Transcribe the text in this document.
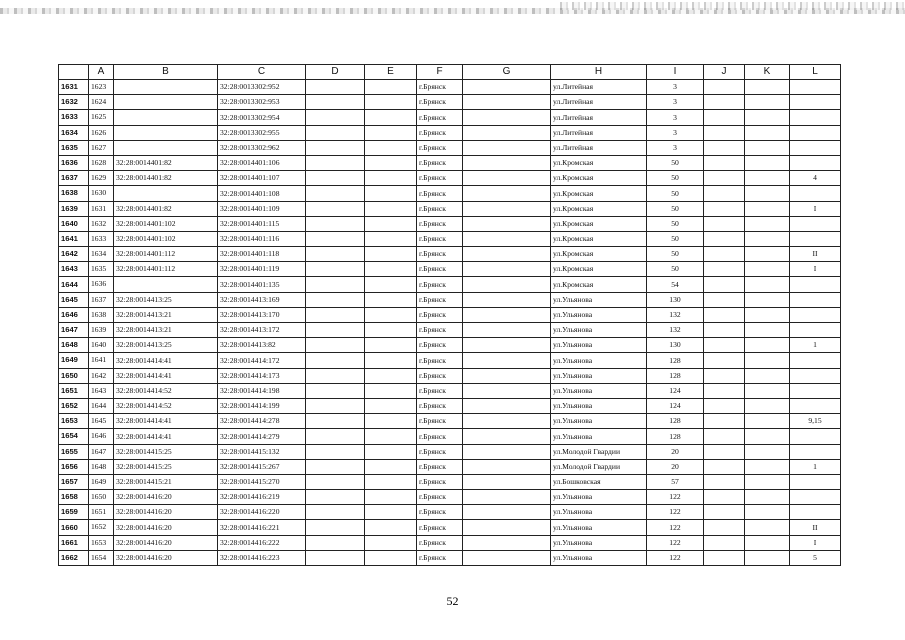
	A	B	C	D	E	F	G	H	I	J	K	L
1631	1623		32:28:0013302:952			г.Брянск		ул.Литейная	3			
1632	1624		32:28:0013302:953			г.Брянск		ул.Литейная	3			
1633	1625		32:28:0013302:954			г.Брянск		ул.Литейная	3			
1634	1626		32:28:0013302:955			г.Брянск		ул.Литейная	3			
1635	1627		32:28:0013302:962			г.Брянск		ул.Литейная	3			
1636	1628	32:28:0014401:82	32:28:0014401:106			г.Брянск		ул.Кромская	50			
1637	1629	32:28:0014401:82	32:28:0014401:107			г.Брянск		ул.Кромская	50			4
1638	1630		32:28:0014401:108			г.Брянск		ул.Кромская	50			
1639	1631	32:28:0014401:82	32:28:0014401:109			г.Брянск		ул.Кромская	50			I
1640	1632	32:28:0014401:102	32:28:0014401:115			г.Брянск		ул.Кромская	50			
1641	1633	32:28:0014401:102	32:28:0014401:116			г.Брянск		ул.Кромская	50			
1642	1634	32:28:0014401:112	32:28:0014401:118			г.Брянск		ул.Кромская	50			II
1643	1635	32:28:0014401:112	32:28:0014401:119			г.Брянск		ул.Кромская	50			I
1644	1636		32:28:0014401:135			г.Брянск		ул.Кромская	54			
1645	1637	32:28:0014413:25	32:28:0014413:169			г.Брянск		ул.Ульянова	130			
1646	1638	32:28:0014413:21	32:28:0014413:170			г.Брянск		ул.Ульянова	132			
1647	1639	32:28:0014413:21	32:28:0014413:172			г.Брянск		ул.Ульянова	132			
1648	1640	32:28:0014413:25	32:28:0014413:82			г.Брянск		ул.Ульянова	130			1
1649	1641	32:28:0014414:41	32:28:0014414:172			г.Брянск		ул.Ульянова	128			
1650	1642	32:28:0014414:41	32:28:0014414:173			г.Брянск		ул.Ульянова	128			
1651	1643	32:28:0014414:52	32:28:0014414:198			г.Брянск		ул.Ульянова	124			
1652	1644	32:28:0014414:52	32:28:0014414:199			г.Брянск		ул.Ульянова	124			
1653	1645	32:28:0014414:41	32:28:0014414:278			г.Брянск		ул.Ульянова	128			9,15
1654	1646	32:28:0014414:41	32:28:0014414:279			г.Брянск		ул.Ульянова	128			
1655	1647	32:28:0014415:25	32:28:0014415:132			г.Брянск		ул.Молодой Гвардии	20			
1656	1648	32:28:0014415:25	32:28:0014415:267			г.Брянск		ул.Молодой Гвардии	20			1
1657	1649	32:28:0014415:21	32:28:0014415:270			г.Брянск		ул.Бошковская	57			
1658	1650	32:28:0014416:20	32:28:0014416:219			г.Брянск		ул.Ульянова	122			
1659	1651	32:28:0014416:20	32:28:0014416:220			г.Брянск		ул.Ульянова	122			
1660	1652	32:28:0014416:20	32:28:0014416:221			г.Брянск		ул.Ульянова	122			II
1661	1653	32:28:0014416:20	32:28:0014416:222			г.Брянск		ул.Ульянова	122			I
1662	1654	32:28:0014416:20	32:28:0014416:223			г.Брянск		ул.Ульянова	122			5
52
